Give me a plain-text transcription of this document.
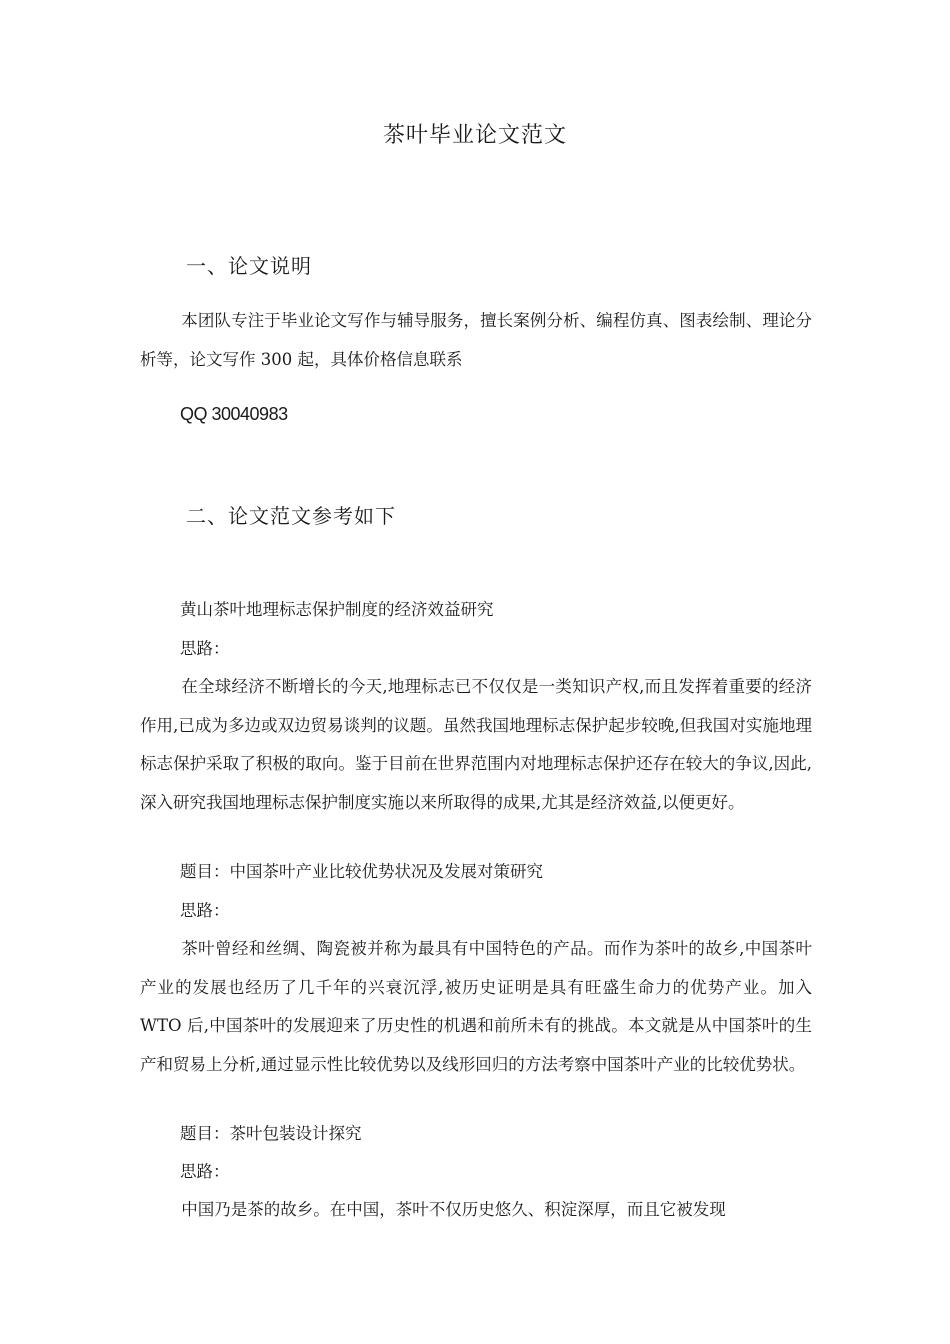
茶叶毕业论文范文
一、论文说明

本团队专注于毕业论文写作与辅导服务，擅长案例分析、编程仿真、图表绘制、理论分析等，论文写作 300 起，具体价格信息联系

QQ 30040983
二、论文范文参考如下
黄山茶叶地理标志保护制度的经济效益研究
思路：

在全球经济不断增长的今天,地理标志已不仅仅是一类知识产权,而且发挥着重要的经济作用,已成为多边或双边贸易谈判的议题。虽然我国地理标志保护起步较晚,但我国对实施地理标志保护采取了积极的取向。鉴于目前在世界范围内对地理标志保护还存在较大的争议,因此,深入研究我国地理标志保护制度实施以来所取得的成果,尤其是经济效益,以便更好。

题目：中国茶叶产业比较优势状况及发展对策研究
思路：

茶叶曾经和丝绸、陶瓷被并称为最具有中国特色的产品。而作为茶叶的故乡,中国茶叶产业的发展也经历了几千年的兴衰沉浮,被历史证明是具有旺盛生命力的优势产业。加入 WTO 后,中国茶叶的发展迎来了历史性的机遇和前所未有的挑战。本文就是从中国茶叶的生产和贸易上分析,通过显示性比较优势以及线形回归的方法考察中国茶叶产业的比较优势状。

题目：茶叶包装设计探究
思路：

中国乃是茶的故乡。在中国，茶叶不仅历史悠久、积淀深厚，而且它被发现
